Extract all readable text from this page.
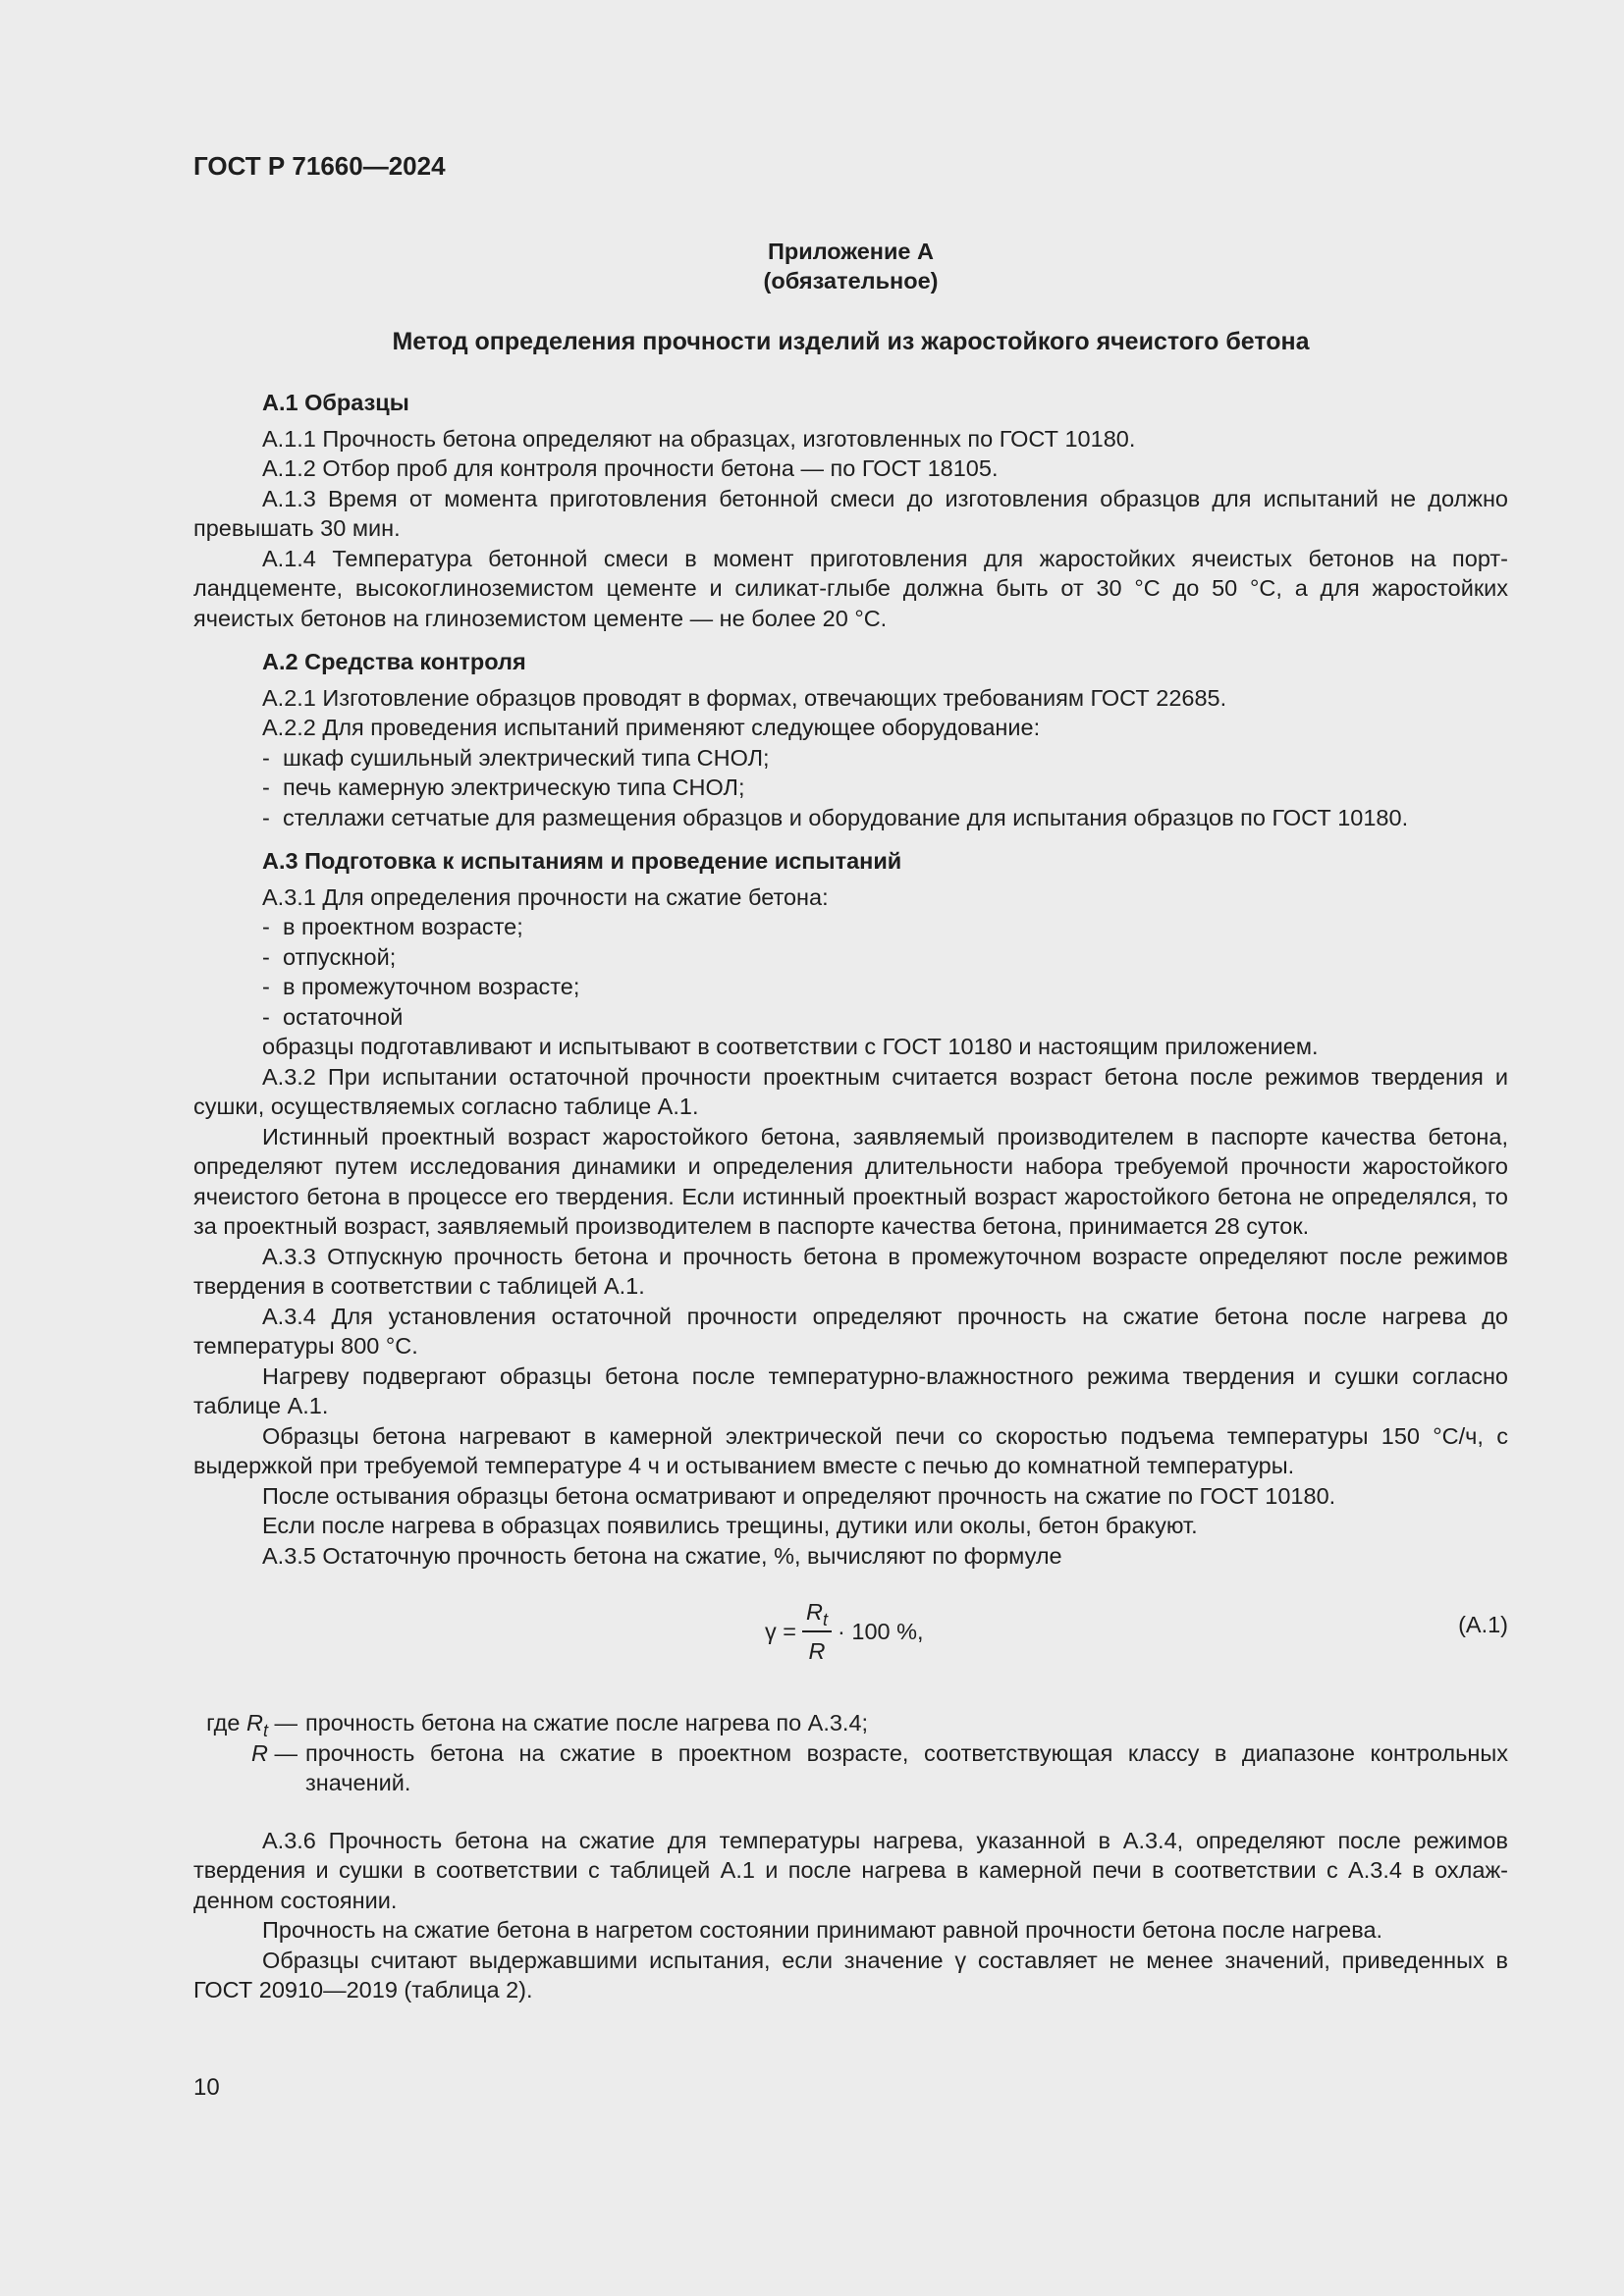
ГОСТ Р 71660—2024
Приложение А
(обязательное)
Метод определения прочности изделий из жаростойкого ячеистого бетона
А.1 Образцы

А.1.1 Прочность бетона определяют на образцах, изготовленных по ГОСТ 10180.

А.1.2 Отбор проб для контроля прочности бетона — по ГОСТ 18105.

А.1.3 Время от момента приготовления бетонной смеси до изготовления образцов для испытаний не должно превышать 30 мин.

А.1.4 Температура бетонной смеси в момент приготовления для жаростойких ячеистых бетонов на портландцементе, высокоглиноземистом цементе и силикат-глыбе должна быть от 30 °С до 50 °С, а для жаростойких ячеистых бетонов на глиноземистом цементе — не более 20 °С.

А.2 Средства контроля

А.2.1 Изготовление образцов проводят в формах, отвечающих требованиям ГОСТ 22685.

А.2.2 Для проведения испытаний применяют следующее оборудование:

- шкаф сушильный электрический типа СНОЛ;
- печь камерную электрическую типа СНОЛ;
- стеллажи сетчатые для размещения образцов и оборудование для испытания образцов по ГОСТ 10180.
А.3 Подготовка к испытаниям и проведение испытаний

А.3.1 Для определения прочности на сжатие бетона:

- в проектном возрасте;
- отпускной;
- в промежуточном возрасте;
- остаточной

образцы подготавливают и испытывают в соответствии с ГОСТ 10180 и настоящим приложением.

А.3.2 При испытании остаточной прочности проектным считается возраст бетона после режимов твердения и сушки, осуществляемых согласно таблице А.1.

Истинный проектный возраст жаростойкого бетона, заявляемый производителем в паспорте качества бетона, определяют путем исследования динамики и определения длительности набора требуемой прочности жаростойкого ячеистого бетона в процессе его твердения. Если истинный проектный возраст жаростойкого бетона не определялся, то за проектный возраст, заявляемый производителем в паспорте качества бетона, принимается 28 суток.

А.3.3 Отпускную прочность бетона и прочность бетона в промежуточном возрасте определяют после режимов твердения в соответствии с таблицей А.1.

А.3.4 Для установления остаточной прочности определяют прочность на сжатие бетона после нагрева до температуры 800 °С.

Нагреву подвергают образцы бетона после температурно-влажностного режима твердения и сушки согласно таблице А.1.

Образцы бетона нагревают в камерной электрической печи со скоростью подъема температуры 150 °С/ч, с выдержкой при требуемой температуре 4 ч и остыванием вместе с печью до комнатной температуры.

После остывания образцы бетона осматривают и определяют прочность на сжатие по ГОСТ 10180.

Если после нагрева в образцах появились трещины, дутики или околы, бетон бракуют.

А.3.5 Остаточную прочность бетона на сжатие, %, вычисляют по формуле

$\gamma = \frac{R_t}{R} \cdot 100$ %,	(А.1)
где $R_t$ — прочность бетона на сжатие после нагрева по А.3.4;
R — прочность бетона на сжатие в проектном возрасте, соответствующая классу в диапазоне контрольных значений.

А.3.6 Прочность бетона на сжатие для температуры нагрева, указанной в А.3.4, определяют после режимов твердения и сушки в соответствии с таблицей А.1 и после нагрева в камерной печи в соответствии с А.3.4 в охлажденном состоянии.

Прочность на сжатие бетона в нагретом состоянии принимают равной прочности бетона после нагрева.

Образцы считают выдержавшими испытания, если значение γ составляет не менее значений, приведенных в ГОСТ 20910—2019 (таблица 2).

10
